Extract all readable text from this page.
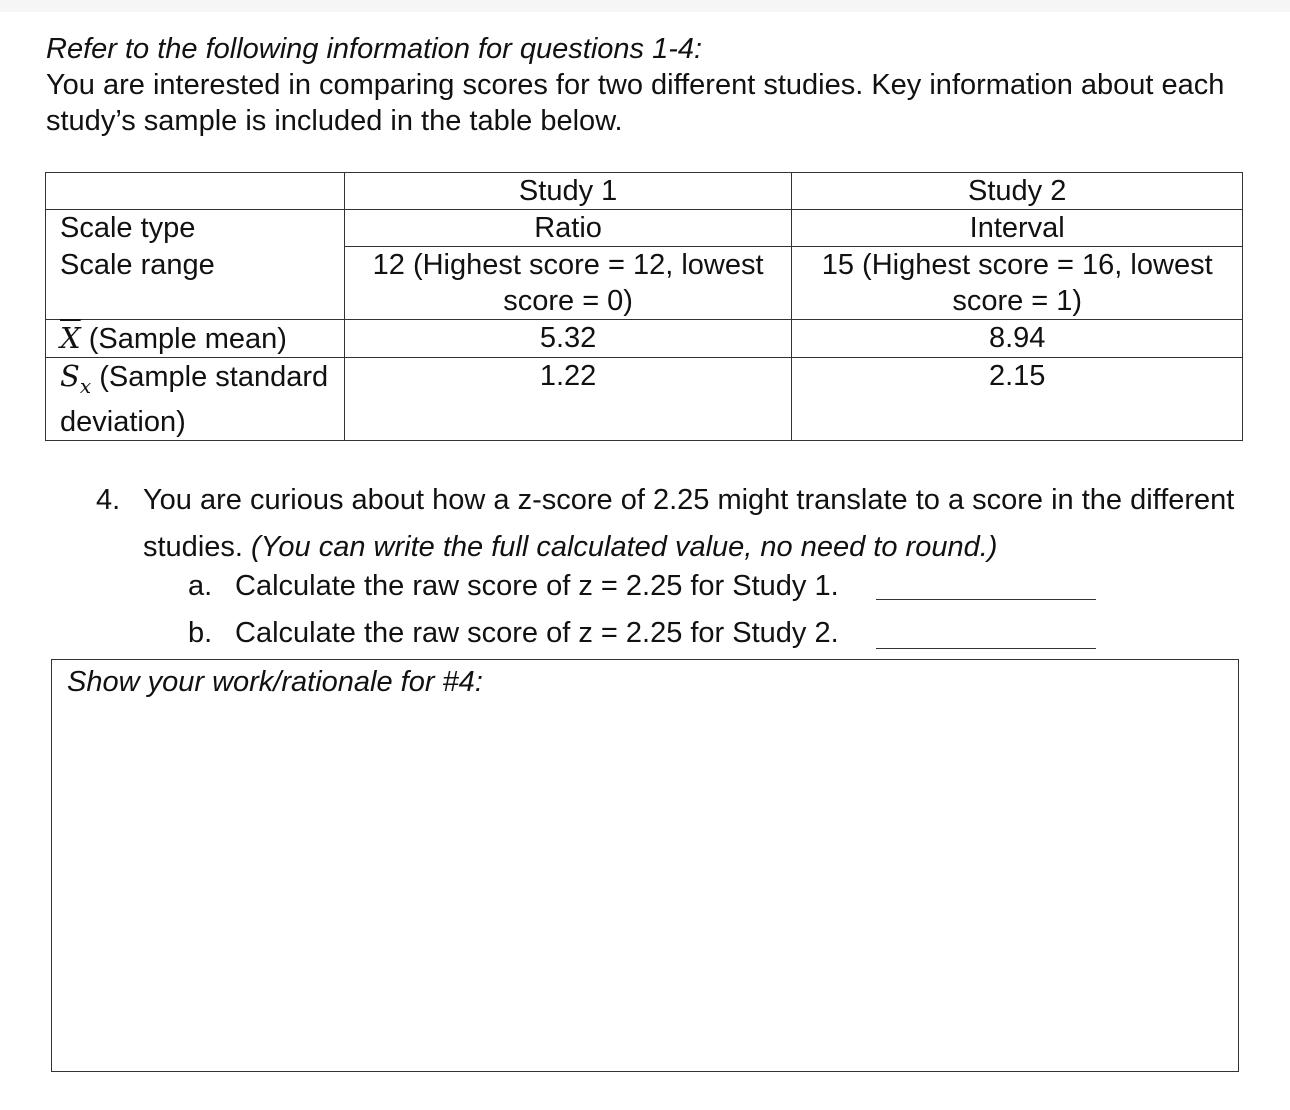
Refer to the following information for questions 1-4:
You are interested in comparing scores for two different studies. Key information about each study’s sample is included in the table below.
	Study 1	Study 2
Scale type	Ratio	Interval
Scale range	12 (Highest score = 12, lowest score = 0)	15 (Highest score = 16, lowest score = 1)
$\overline{X}$ (Sample mean)	5.32	8.94
$S_x$ (Sample standard deviation)	1.22	2.15
4. You are curious about how a z-score of 2.25 might translate to a score in the different studies. (You can write the full calculated value, no need to round.)
a. Calculate the raw score of z = 2.25 for Study 1.
b. Calculate the raw score of z = 2.25 for Study 2.
Show your work/rationale for #4:
